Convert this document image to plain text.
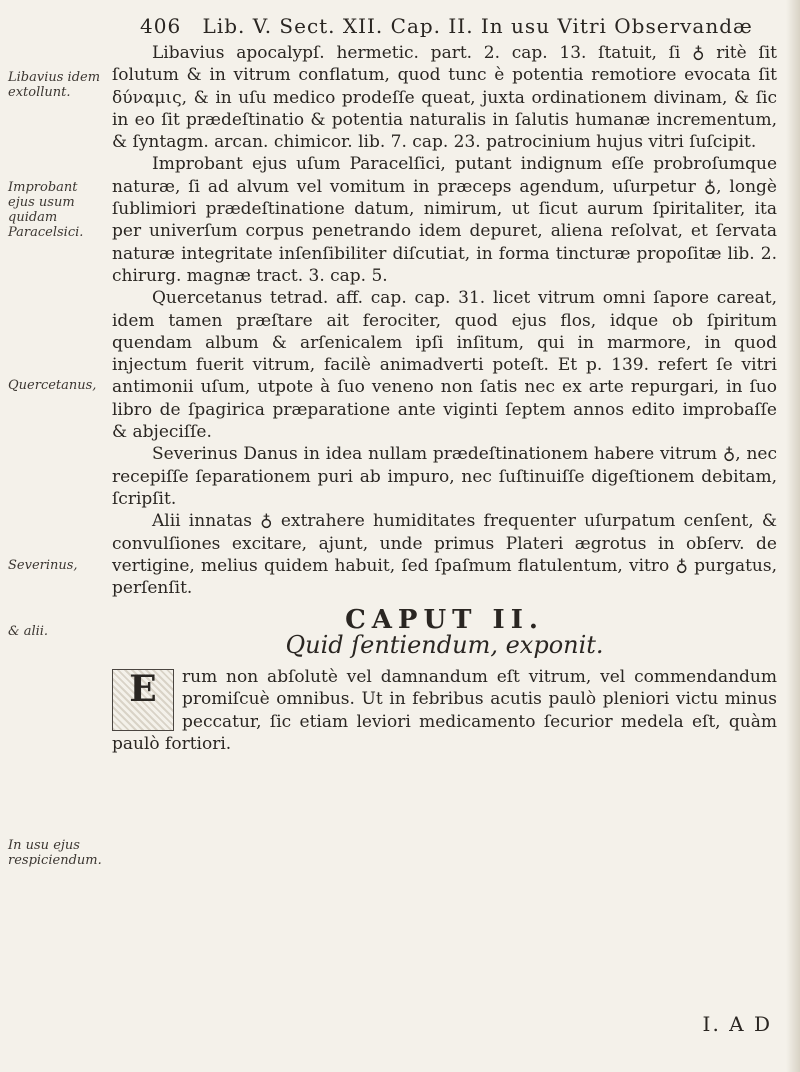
406 Lib. V. Sect. XII. Cap. II. In usu Vitri Observandæ
Libavius idem extollunt.
Improbant ejus usum quidam Paracelsici.
Quercetanus,
Severinus,
& alii.
In usu ejus respiciendum.

Libavius apocalypſ. hermetic. part. 2. cap. 13. ſtatuit, ſi ♁ ritè ſit ſolutum & in vitrum conflatum, quod tunc è potentia remotiore evocata ſit δύναμις, & in uſu medico prodeſſe queat, juxta ordinationem divinam, & ſic in eo ſit prædeſtinatio & potentia naturalis in ſalutis humanæ incrementum, & ſyntagm. arcan. chimicor. lib. 7. cap. 23. patrocinium hujus vitri ſuſcipit.

Improbant ejus uſum Paracelſici, putant indignum eſſe probroſumque naturæ, ſi ad alvum vel vomitum in præceps agendum, uſurpetur ♁, longè ſublimiori prædeſtinatione datum, nimirum, ut ſicut aurum ſpiritaliter, ita per univerſum corpus penetrando idem depuret, aliena reſolvat, et ſervata naturæ integritate inſenſibiliter diſcutiat, in forma tincturæ propoſitæ lib. 2. chirurg. magnæ tract. 3. cap. 5.

Quercetanus tetrad. aff. cap. cap. 31. licet vitrum omni ſapore careat, idem tamen præſtare ait ferociter, quod ejus flos, idque ob ſpiritum quendam album & arſenicalem ipſi inſitum, qui in marmore, in quod injectum fuerit vitrum, facilè animadverti poteſt. Et p. 139. refert ſe vitri antimonii uſum, utpote à ſuo veneno non ſatis nec ex arte repurgari, in ſuo libro de ſpagirica præparatione ante viginti ſeptem annos edito improbaſſe & abjeciſſe.

Severinus Danus in idea nullam prædeſtinationem habere vitrum ♁, nec recepiſſe ſeparationem puri ab impuro, nec ſuſtinuiſſe digeſtionem debitam, ſcripſit.

Alii innatas ♁ extrahere humiditates frequenter uſurpatum cenſent, & convulſiones excitare, ajunt, unde primus Plateri ægrotus in obſerv. de vertigine, melius quidem habuit, ſed ſpaſmum flatulentum, vitro ♁ purgatus, perſenſit.

CAPUT II.
Quid ſentiendum, exponit.

E	rum non abſolutè vel damnandum eſt vitrum, vel commendandum promiſcuè omnibus. Ut in febribus acutis paulò pleniori victu minus peccatur, ſic etiam leviori medicamento ſecurior medela eſt, quàm paulò fortiori.

I. A D
